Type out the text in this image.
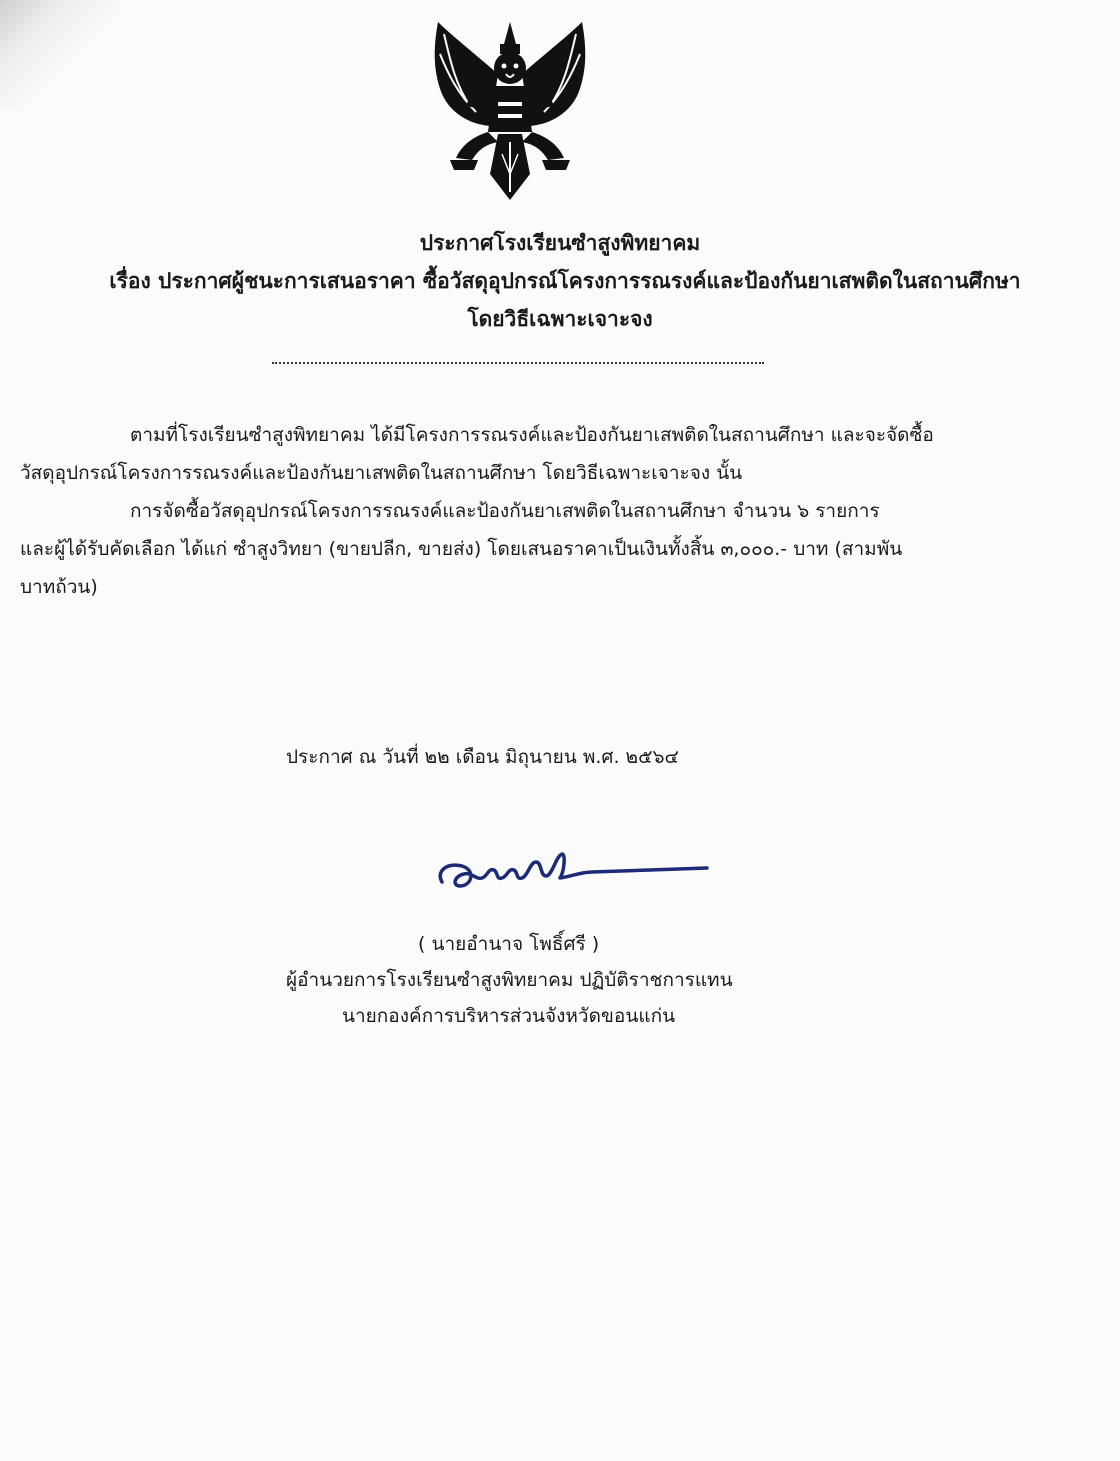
ประกาศโรงเรียนซำสูงพิทยาคม
เรื่อง ประกาศผู้ชนะการเสนอราคา ซื้อวัสดุอุปกรณ์โครงการรณรงค์และป้องกันยาเสพติดในสถานศึกษา
โดยวิธีเฉพาะเจาะจง
ตามที่โรงเรียนซำสูงพิทยาคม ได้มีโครงการรณรงค์และป้องกันยาเสพติดในสถานศึกษา และจะจัดซื้อ
วัสดุอุปกรณ์โครงการรณรงค์และป้องกันยาเสพติดในสถานศึกษา โดยวิธีเฉพาะเจาะจง นั้น
การจัดซื้อวัสดุอุปกรณ์โครงการรณรงค์และป้องกันยาเสพติดในสถานศึกษา จำนวน ๖ รายการ
และผู้ได้รับคัดเลือก ได้แก่ ซำสูงวิทยา (ขายปลีก, ขายส่ง) โดยเสนอราคาเป็นเงินทั้งสิ้น ๓,๐๐๐.- บาท (สามพัน
บาทถ้วน)
ประกาศ ณ วันที่ ๒๒ เดือน มิถุนายน พ.ศ. ๒๕๖๔
( นายอำนาจ โพธิ์ศรี )
ผู้อำนวยการโรงเรียนซำสูงพิทยาคม ปฏิบัติราชการแทน
นายกองค์การบริหารส่วนจังหวัดขอนแก่น
